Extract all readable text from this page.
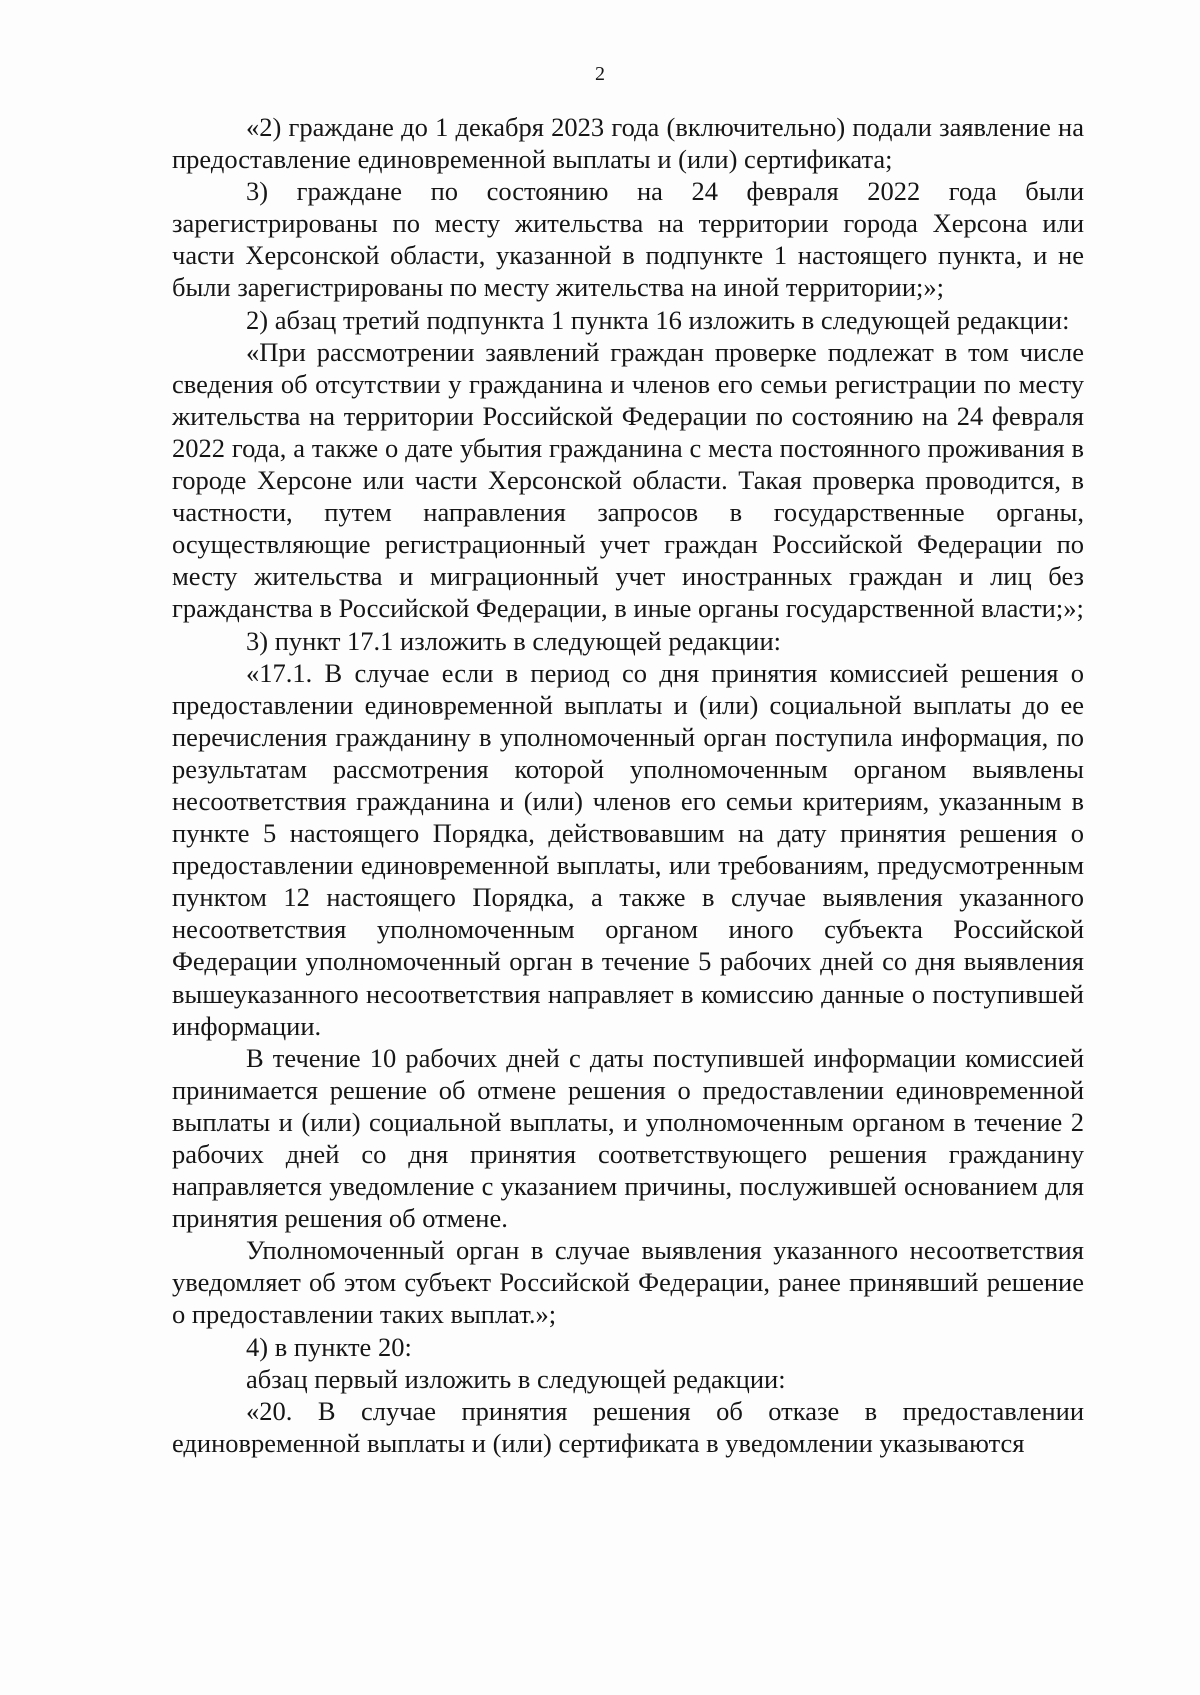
2

«2) граждане до 1 декабря 2023 года (включительно) подали заявление на предоставление единовременной выплаты и (или) сертификата;

3) граждане по состоянию на 24 февраля 2022 года были зарегистрированы по месту жительства на территории города Херсона или части Херсонской области, указанной в подпункте 1 настоящего пункта, и не были зарегистрированы по месту жительства на иной территории;»;

2) абзац третий подпункта 1 пункта 16 изложить в следующей редакции:

«При рассмотрении заявлений граждан проверке подлежат в том числе сведения об отсутствии у гражданина и членов его семьи регистрации по месту жительства на территории Российской Федерации по состоянию на 24 февраля 2022 года, а также о дате убытия гражданина с места постоянного проживания в городе Херсоне или части Херсонской области. Такая проверка проводится, в частности, путем направления запросов в государственные органы, осуществляющие регистрационный учет граждан Российской Федерации по месту жительства и миграционный учет иностранных граждан и лиц без гражданства в Российской Федерации, в иные органы государственной власти;»;

3) пункт 17.1 изложить в следующей редакции:

«17.1. В случае если в период со дня принятия комиссией решения о предоставлении единовременной выплаты и (или) социальной выплаты до ее перечисления гражданину в уполномоченный орган поступила информация, по результатам рассмотрения которой уполномоченным органом выявлены несоответствия гражданина и (или) членов его семьи критериям, указанным в пункте 5 настоящего Порядка, действовавшим на дату принятия решения о предоставлении единовременной выплаты, или требованиям, предусмотренным пунктом 12 настоящего Порядка, а также в случае выявления указанного несоответствия уполномоченным органом иного субъекта Российской Федерации уполномоченный орган в течение 5 рабочих дней со дня выявления вышеуказанного несоответствия направляет в комиссию данные о поступившей информации.

В течение 10 рабочих дней с даты поступившей информации комиссией принимается решение об отмене решения о предоставлении единовременной выплаты и (или) социальной выплаты, и уполномоченным органом в течение 2 рабочих дней со дня принятия соответствующего решения гражданину направляется уведомление с указанием причины, послужившей основанием для принятия решения об отмене.

Уполномоченный орган в случае выявления указанного несоответствия уведомляет об этом субъект Российской Федерации, ранее принявший решение о предоставлении таких выплат.»;

4) в пункте 20:

абзац первый изложить в следующей редакции:

«20. В случае принятия решения об отказе в предоставлении единовременной выплаты и (или) сертификата в уведомлении указываются
